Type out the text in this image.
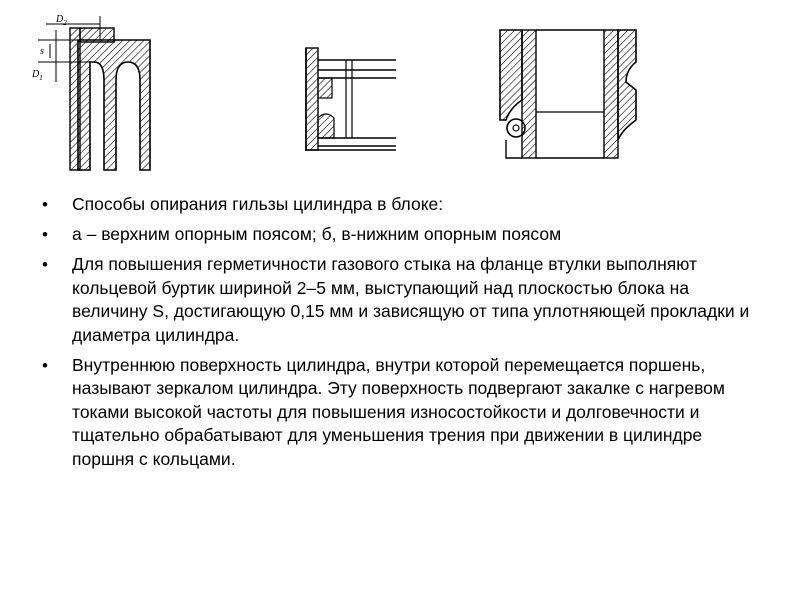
$D_2$
$D_1$
s
• Способы опирания гильзы цилиндра в блоке:
• а – верхним опорным поясом; б, в-нижним опорным поясом
• Для повышения герметичности газового стыка на фланце втулки выполняют кольцевой буртик шириной 2–5 мм, выступающий над плоскостью блока на величину S, достигающую 0,15 мм и зависящую от типа уплотняющей прокладки и диаметра цилиндра.
• Внутреннюю поверхность цилиндра, внутри которой перемещается поршень, называют зеркалом цилиндра. Эту поверхность подвергают закалке с нагревом токами высокой частоты для повышения износостойкости и долговечности и тщательно обрабатывают для уменьшения трения при движении в цилиндре поршня с кольцами.
